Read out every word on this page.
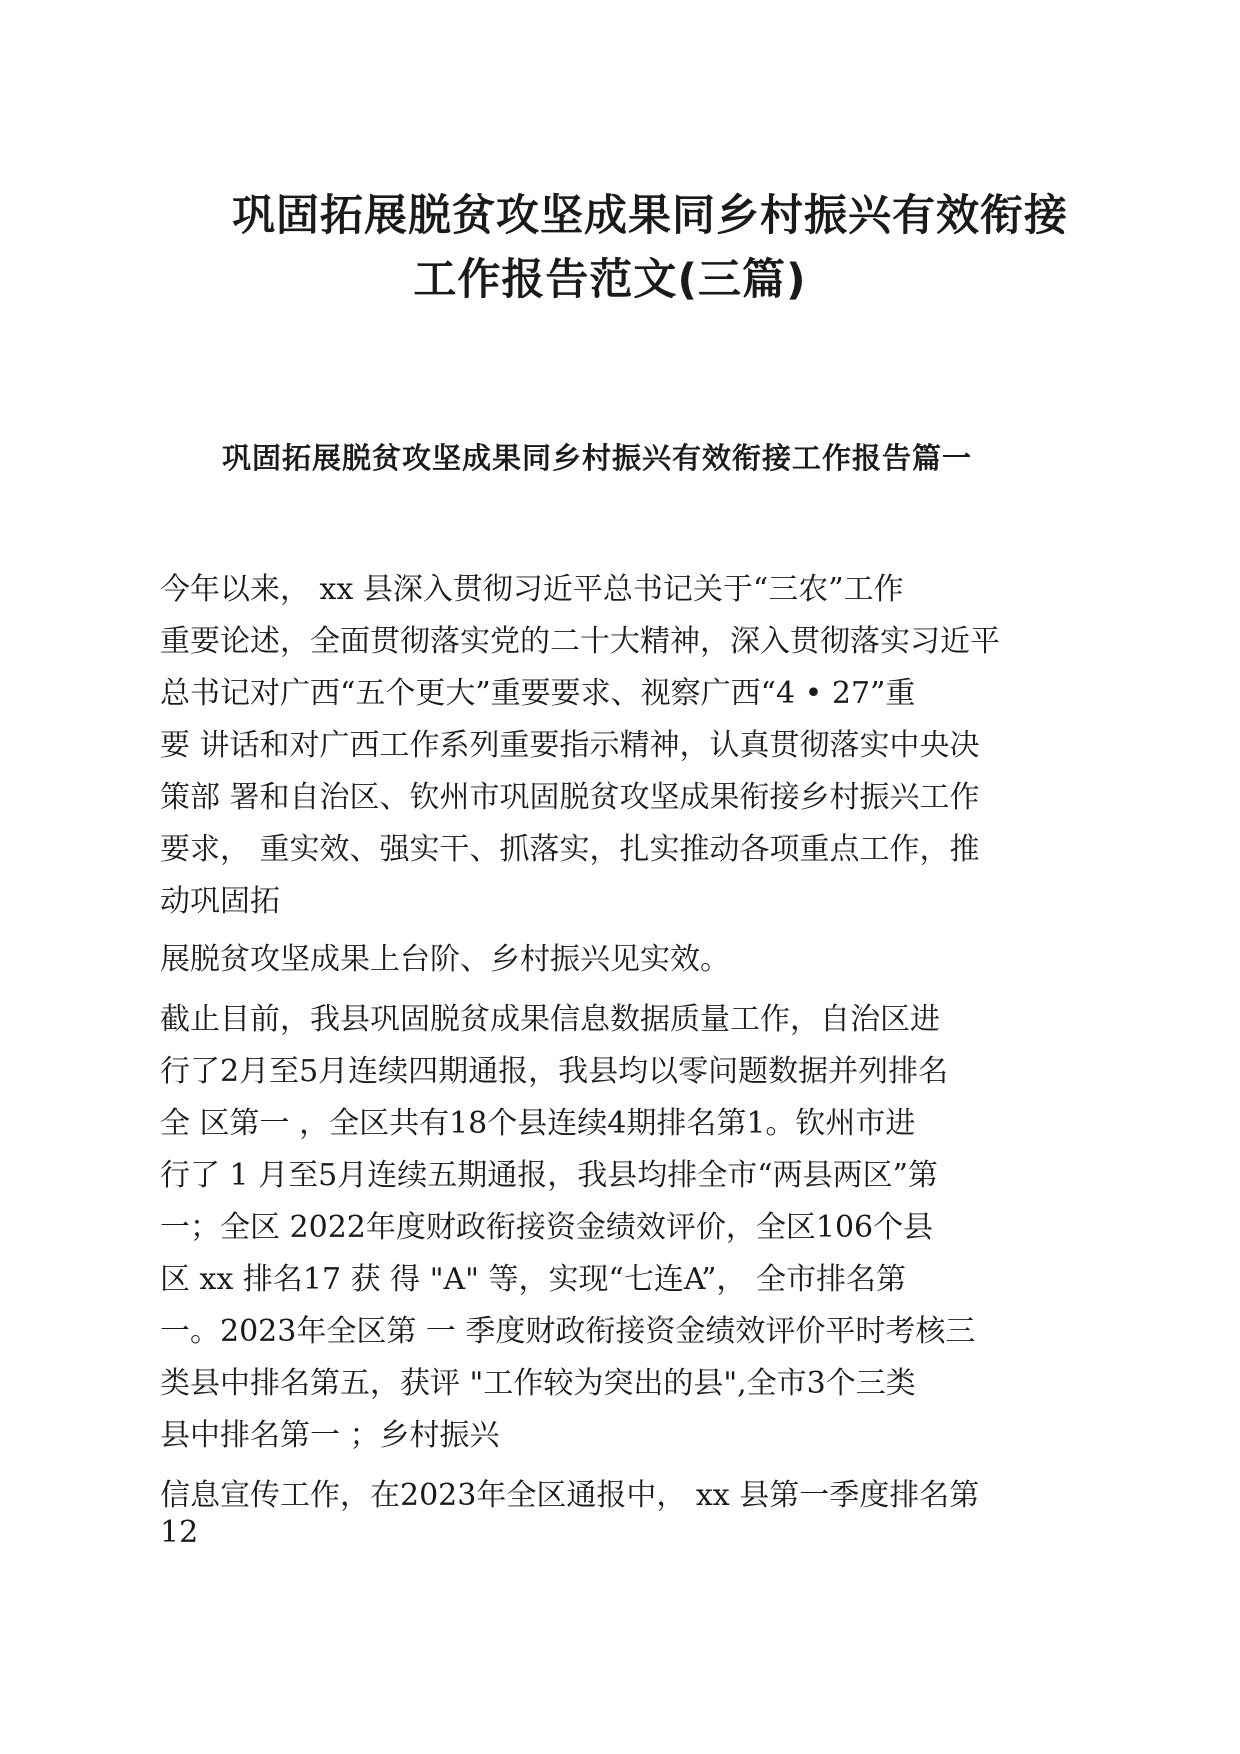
巩固拓展脱贫攻坚成果同乡村振兴有效衔接
工作报告范文(三篇)
巩固拓展脱贫攻坚成果同乡村振兴有效衔接工作报告篇一

今年以来， xx 县深入贯彻习近平总书记关于“三农”工作

重要论述，全面贯彻落实党的二十大精神，深入贯彻落实习近平

总书记对广西“五个更大”重要要求、视察广西“4 • 27”重

要 讲话和对广西工作系列重要指示精神，认真贯彻落实中央决

策部 署和自治区、钦州市巩固脱贫攻坚成果衔接乡村振兴工作

要求， 重实效、强实干、抓落实，扎实推动各项重点工作，推

动巩固拓

展脱贫攻坚成果上台阶、乡村振兴见实效。

截止目前，我县巩固脱贫成果信息数据质量工作，自治区进

行了2月至5月连续四期通报，我县均以零问题数据并列排名

全 区第一 ，全区共有18个县连续4期排名第1。钦州市进

行了 1 月至5月连续五期通报，我县均排全市“两县两区”第

一；全区 2022年度财政衔接资金绩效评价，全区106个县

区 xx 排名17 获 得 "A" 等，实现“七连A”， 全市排名第

一。2023年全区第 一 季度财政衔接资金绩效评价平时考核三

类县中排名第五，获评 "工作较为突出的县",全市3个三类

县中排名第一 ；乡村振兴

信息宣传工作，在2023年全区通报中， xx 县第一季度排名第

12
